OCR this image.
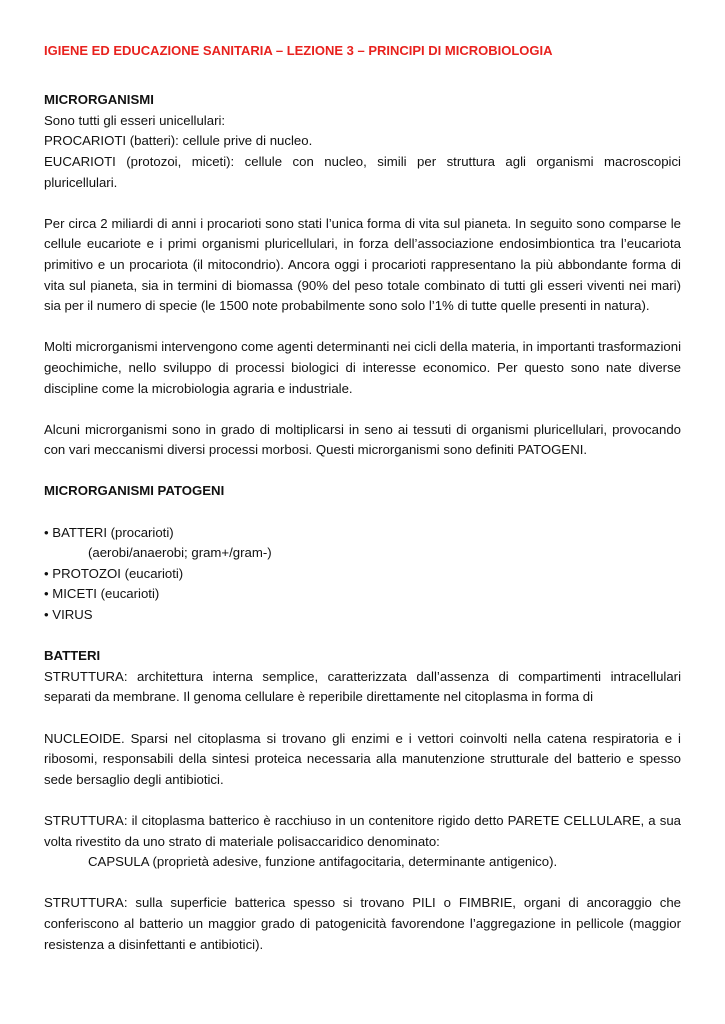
IGIENE ED EDUCAZIONE SANITARIA – LEZIONE 3 – PRINCIPI DI MICROBIOLOGIA

MICRORGANISMI

Sono tutti gli esseri unicellulari:

PROCARIOTI (batteri): cellule prive di nucleo.

EUCARIOTI (protozoi, miceti): cellule con nucleo, simili per struttura agli organismi macroscopici pluricellulari.

Per circa 2 miliardi di anni i procarioti sono stati l’unica forma di vita sul pianeta. In seguito sono comparse le cellule eucariote e i primi organismi pluricellulari, in forza dell’associazione endosimbiontica tra l’eucariota primitivo e un procariota (il mitocondrio). Ancora oggi i procarioti rappresentano la più abbondante forma di vita sul pianeta, sia in termini di biomassa (90% del peso totale combinato di tutti gli esseri viventi nei mari) sia per il numero di specie (le 1500 note probabilmente sono solo l’1% di tutte quelle presenti in natura).

Molti microrganismi intervengono come agenti determinanti nei cicli della materia, in importanti trasformazioni geochimiche, nello sviluppo di processi biologici di interesse economico. Per questo sono nate diverse discipline come la microbiologia agraria e industriale.

Alcuni microrganismi sono in grado di moltiplicarsi in seno ai tessuti di organismi pluricellulari, provocando con vari meccanismi diversi processi morbosi. Questi microrganismi sono definiti PATOGENI.

MICRORGANISMI PATOGENI

• BATTERI (procarioti)

(aerobi/anaerobi; gram+/gram-)

• PROTOZOI (eucarioti)

• MICETI (eucarioti)

• VIRUS

BATTERI

STRUTTURA: architettura interna semplice, caratterizzata dall’assenza di compartimenti intracellulari separati da membrane. Il genoma cellulare è reperibile direttamente nel citoplasma in forma di

NUCLEOIDE. Sparsi nel citoplasma si trovano gli enzimi e i vettori coinvolti nella catena respiratoria e i ribosomi, responsabili della sintesi proteica necessaria alla manutenzione strutturale del batterio e spesso sede bersaglio degli antibiotici.

STRUTTURA: il citoplasma batterico è racchiuso in un contenitore rigido detto PARETE CELLULARE, a sua volta rivestito da uno strato di materiale polisaccaridico denominato:

CAPSULA (proprietà adesive, funzione antifagocitaria, determinante antigenico).

STRUTTURA: sulla superficie batterica spesso si trovano PILI o FIMBRIE, organi di ancoraggio che conferiscono al batterio un maggior grado di patogenicità favorendone l’aggregazione in pellicole (maggior resistenza a disinfettanti e antibiotici).
